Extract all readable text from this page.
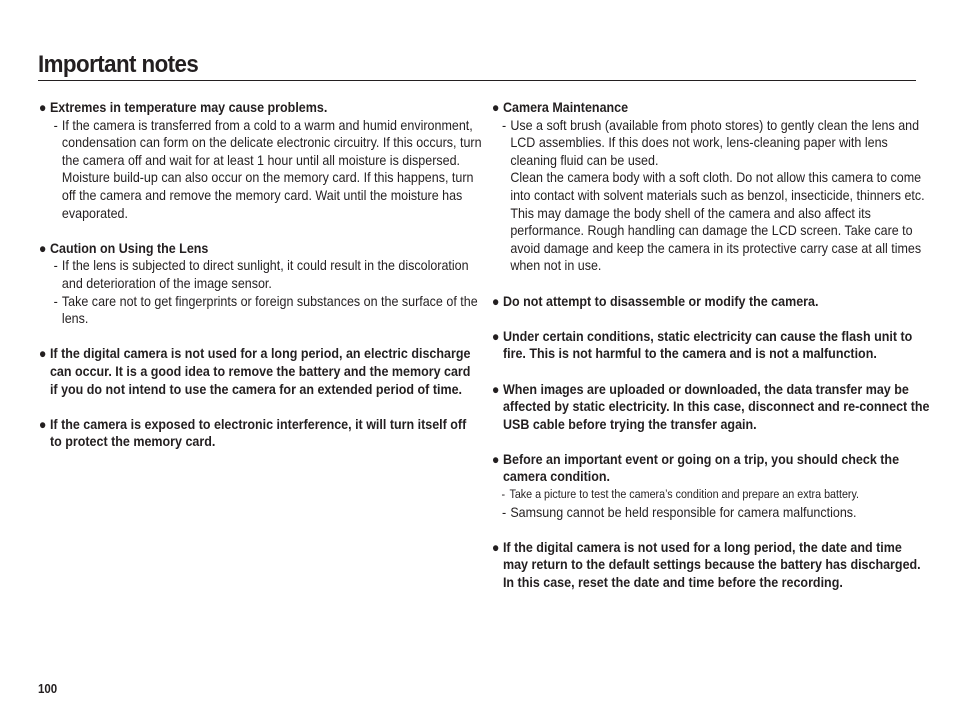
Important notes
● Extremes in temperature may cause problems.
- If the camera is transferred from a cold to a warm and humid environment, condensation can form on the delicate electronic circuitry. If this occurs, turn the camera off and wait for at least 1 hour until all moisture is dispersed. Moisture build-up can also occur on the memory card. If this happens, turn off the camera and remove the memory card. Wait until the moisture has evaporated.
● Caution on Using the Lens
- If the lens is subjected to direct sunlight, it could result in the discoloration and deterioration of the image sensor.
- Take care not to get fingerprints or foreign substances on the surface of the lens.
● If the digital camera is not used for a long period, an electric discharge can occur. It is a good idea to remove the battery and the memory card if you do not intend to use the camera for an extended period of time.
● If the camera is exposed to electronic interference, it will turn itself off to protect the memory card.
● Camera Maintenance
- Use a soft brush (available from photo stores) to gently clean the lens and LCD assemblies. If this does not work, lens-cleaning paper with lens cleaning fluid can be used.
Clean the camera body with a soft cloth. Do not allow this camera to come into contact with solvent materials such as benzol, insecticide, thinners etc. This may damage the body shell of the camera and also affect its performance. Rough handling can damage the LCD screen. Take care to avoid damage and keep the camera in its protective carry case at all times when not in use.
● Do not attempt to disassemble or modify the camera.
● Under certain conditions, static electricity can cause the flash unit to fire. This is not harmful to the camera and is not a malfunction.
● When images are uploaded or downloaded, the data transfer may be affected by static electricity. In this case, disconnect and re-connect the USB cable before trying the transfer again.
● Before an important event or going on a trip, you should check the camera condition.
- Take a picture to test the camera’s condition and prepare an extra battery.
- Samsung cannot be held responsible for camera malfunctions.
● If the digital camera is not used for a long period, the date and time may return to the default settings because the battery has discharged. In this case, reset the date and time before the recording.
100
